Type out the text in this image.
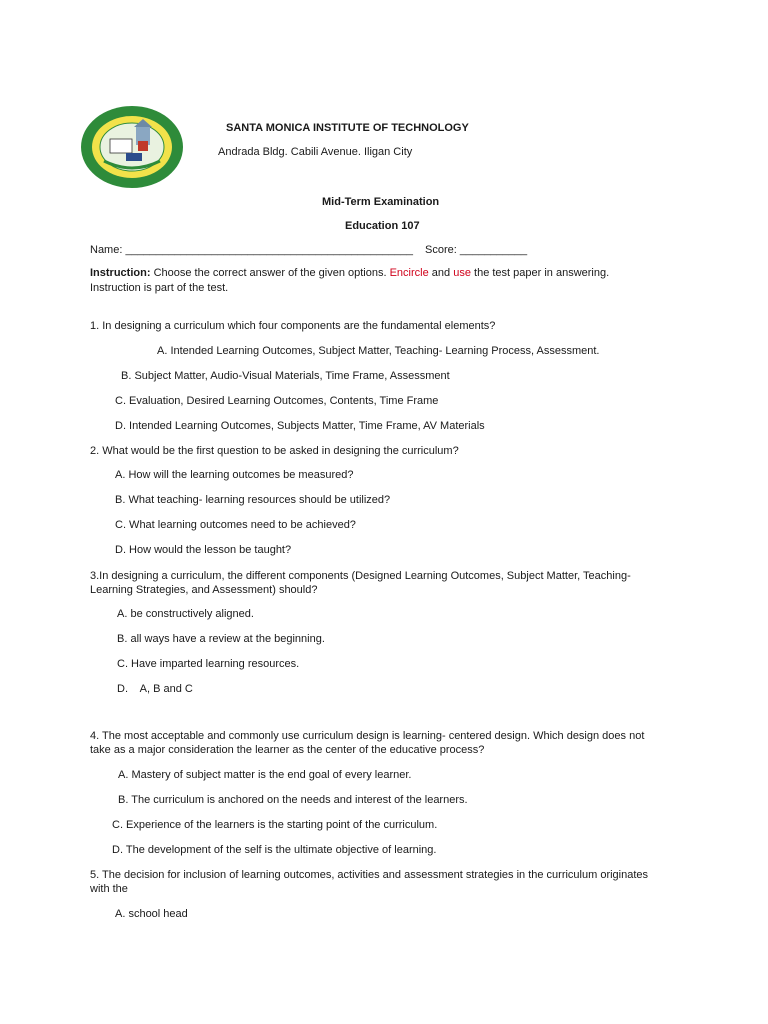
SANTA MONICA INSTITUTE OF TECHNOLOGY
Andrada Bldg. Cabili Avenue. Iligan City
Mid-Term Examination
Education 107
Name: _______________________________________________ Score: ___________
Instruction: Choose the correct answer of the given options. Encircle and use the test paper in answering.
Instruction is part of the test.
1. In designing a curriculum which four components are the fundamental elements?
A. Intended Learning Outcomes, Subject Matter, Teaching- Learning Process, Assessment.
B. Subject Matter, Audio-Visual Materials, Time Frame, Assessment
C. Evaluation, Desired Learning Outcomes, Contents, Time Frame
D. Intended Learning Outcomes, Subjects Matter, Time Frame, AV Materials
2. What would be the first question to be asked in designing the curriculum?
A. How will the learning outcomes be measured?
B. What teaching- learning resources should be utilized?
C. What learning outcomes need to be achieved?
D. How would the lesson be taught?
3.In designing a curriculum, the different components (Designed Learning Outcomes, Subject Matter, Teaching-
Learning Strategies, and Assessment) should?
A. be constructively aligned.
B. all ways have a review at the beginning.
C. Have imparted learning resources.
D.    A, B and C
4. The most acceptable and commonly use curriculum design is learning- centered design. Which design does not
take as a major consideration the learner as the center of the educative process?
A. Mastery of subject matter is the end goal of every learner.
B. The curriculum is anchored on the needs and interest of the learners.
C. Experience of the learners is the starting point of the curriculum.
D. The development of the self is the ultimate objective of learning.
5. The decision for inclusion of learning outcomes, activities and assessment strategies in the curriculum originates
with the
A. school head
